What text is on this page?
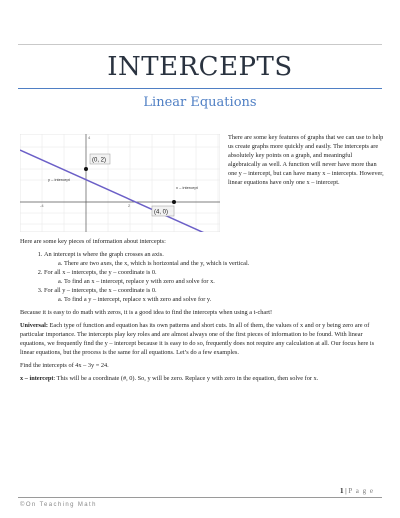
INTERCEPTS
Linear Equations
-4	2
4
(0, 2)
(4, 0)
y – intercept
x – intercept
There are some key features of graphs that we can use to help us create graphs more quickly and easily. The intercepts are absolutely key points on a graph, and meaningful algebraically as well. A function will never have more than one y – intercept, but can have many x – intercepts. However, linear equations have only one x – intercept.

Here are some key pieces of information about intercepts:

1. An intercept is where the graph crosses an axis.
a. There are two axes, the x, which is horizontal and the y, which is vertical.
2. For all x – intercepts, the y – coordinate is 0.
a. To find an x – intercept, replace y with zero and solve for x.
3. For all y – intercepts, the x – coordinate is 0.
a. To find a y – intercept, replace x with zero and solve for y.

Because it is easy to do math with zeros, it is a good idea to find the intercepts when using a t-chart!

Universal: Each type of function and equation has its own patterns and short cuts. In all of them, the values of x and or y being zero are of particular importance. The intercepts play key roles and are almost always one of the first pieces of information to be found. With linear equations, we frequently find the y – intercept because it is easy to do so, frequently does not require any calculation at all. Our focus here is linear equations, but the process is the same for all equations. Let’s do a few examples.

Find the intercepts of 4x – 3y = 24.

x – intercept: This will be a coordinate (#, 0). So, y will be zero. Replace y with zero in the equation, then solve for x.

1 | P a g e
©On Teaching Math
